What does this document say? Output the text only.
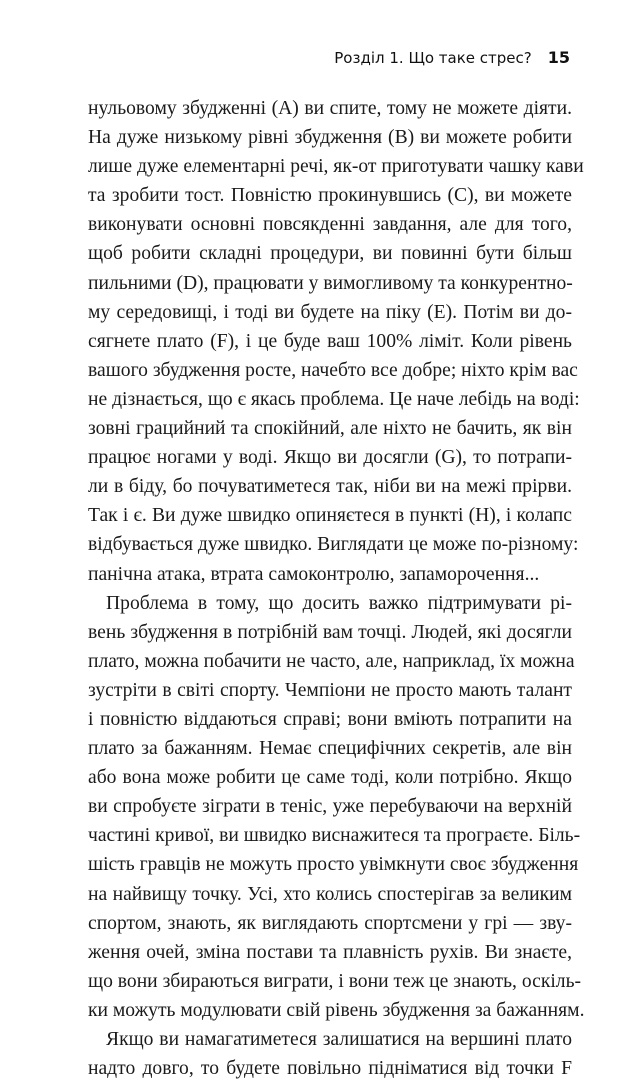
Розділ 1. Що таке стрес? 15

нульовому збудженні (A) ви спите, тому не можете діяти.
На дуже низькому рівні збудження (B) ви можете робити
лише дуже елементарні речі, як-от приготувати чашку кави
та зробити тост. Повністю прокинувшись (C), ви можете
виконувати основні повсякденні завдання, але для того,
щоб робити складні процедури, ви повинні бути більш
пильними (D), працювати у вимогливому та конкурентно-
му середовищі, і тоді ви будете на піку (E). Потім ви до-
сягнете плато (F), і це буде ваш 100% ліміт. Коли рівень
вашого збудження росте, начебто все добре; ніхто крім вас
не дізнається, що є якась проблема. Це наче лебідь на воді:
зовні грацийний та спокійний, але ніхто не бачить, як він
працює ногами у воді. Якщо ви досягли (G), то потрапи-
ли в біду, бо почуватиметеся так, ніби ви на межі прірви.
Так і є. Ви дуже швидко опиняєтеся в пункті (H), і колапс
відбувається дуже швидко. Виглядати це може по-різному:
панічна атака, втрата самоконтролю, запаморочення...

Проблема в тому, що досить важко підтримувати рі-
вень збудження в потрібній вам точці. Людей, які досягли
плато, можна побачити не часто, але, наприклад, їх можна
зустріти в світі спорту. Чемпіони не просто мають талант
і повністю віддаються справі; вони вміють потрапити на
плато за бажанням. Немає специфічних секретів, але він
або вона може робити це саме тоді, коли потрібно. Якщо
ви спробуєте зіграти в теніс, уже перебуваючи на верхній
частині кривої, ви швидко виснажитеся та програєте. Біль-
шість гравців не можуть просто увімкнути своє збудження
на найвищу точку. Усі, хто колись спостерігав за великим
спортом, знають, як виглядають спортсмени у грі — зву-
ження очей, зміна постави та плавність рухів. Ви знаєте,
що вони збираються виграти, і вони теж це знають, оскіль-
ки можуть модулювати свій рівень збудження за бажанням.

Якщо ви намагатиметеся залишатися на вершині плато
надто довго, то будете повільно підніматися від точки F
